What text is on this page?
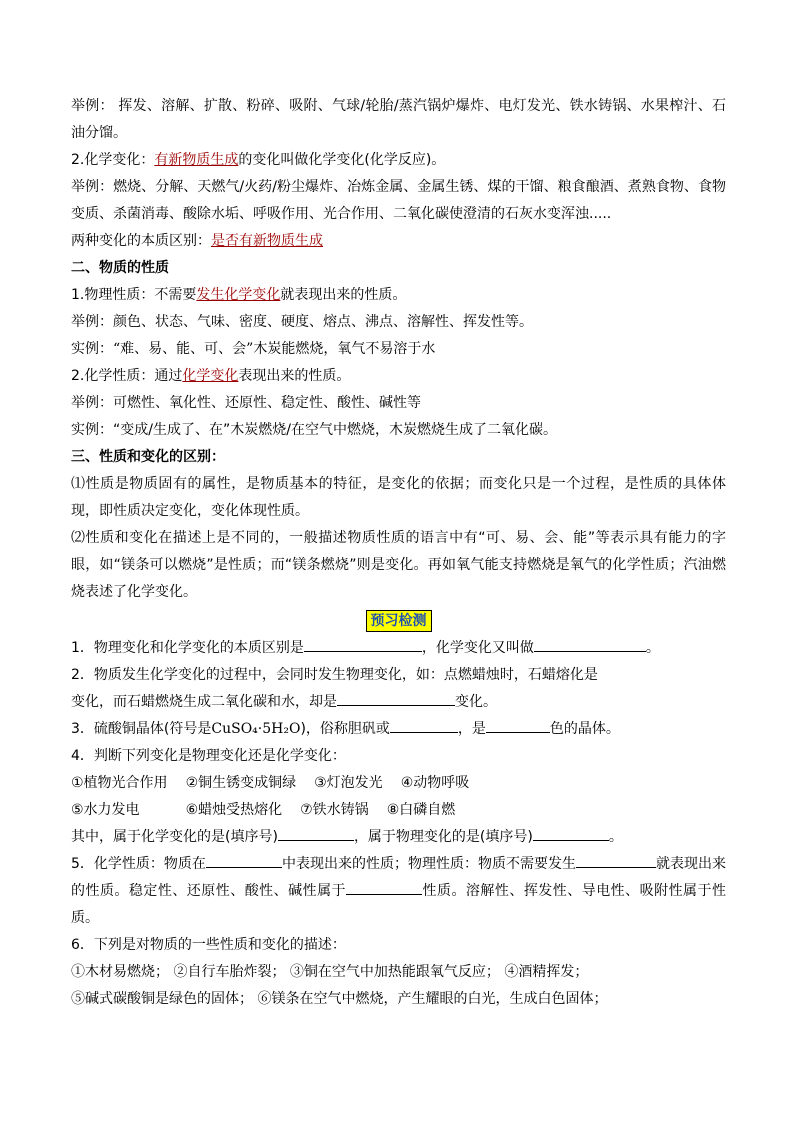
举例： 挥发、溶解、扩散、粉碎、吸附、气球/轮胎/蒸汽锅炉爆炸、电灯发光、铁水铸锅、水果榨汁、石油分馏。

2.化学变化：有新物质生成的变化叫做化学变化(化学反应)。

举例：燃烧、分解、天燃气/火药/粉尘爆炸、冶炼金属、金属生锈、煤的干馏、粮食酿酒、煮熟食物、食物变质、杀菌消毒、酸除水垢、呼吸作用、光合作用、二氧化碳使澄清的石灰水变浑浊.....

两种变化的本质区别：是否有新物质生成

二、物质的性质

1.物理性质：不需要发生化学变化就表现出来的性质。

举例：颜色、状态、气味、密度、硬度、熔点、沸点、溶解性、挥发性等。

实例：“难、易、能、可、会”木炭能燃烧，氧气不易溶于水

2.化学性质：通过化学变化表现出来的性质。

举例：可燃性、氧化性、还原性、稳定性、酸性、碱性等

实例：“变成/生成了、在”木炭燃烧/在空气中燃烧，木炭燃烧生成了二氧化碳。

三、性质和变化的区别：

⑴性质是物质固有的属性，是物质基本的特征，是变化的依据；而变化只是一个过程，是性质的具体体现，即性质决定变化，变化体现性质。

⑵性质和变化在描述上是不同的，一般描述物质性质的语言中有“可、易、会、能”等表示具有能力的字眼，如“镁条可以燃烧”是性质；而“镁条燃烧”则是变化。再如氧气能支持燃烧是氧气的化学性质；汽油燃烧表述了化学变化。

预习检测

1．物理变化和化学变化的本质区别是	，化学变化又叫做	。

2．物质发生化学变化的过程中，会同时发生物理变化，如：点燃蜡烛时，石蜡熔化是
变化，而石蜡燃烧生成二氧化碳和水，却是	变化。

3．硫酸铜晶体(符号是CuSO₄·5H₂O)，俗称胆矾或	，是	色的晶体。

4．判断下列变化是物理变化还是化学变化：

①植物光合作用 ②铜生锈变成铜绿 ③灯泡发光 ④动物呼吸

⑤水力发电	⑥蜡烛受热熔化 ⑦铁水铸锅 ⑧白磷自燃

其中，属于化学变化的是(填序号)	，属于物理变化的是(填序号)	。

5．化学性质：物质在	中表现出来的性质；物理性质：物质不需要发生	就表现出来的性质。稳定性、还原性、酸性、碱性属于	性质。溶解性、挥发性、导电性、吸附性属于性质。

6．下列是对物质的一些性质和变化的描述：

①木材易燃烧； ②自行车胎炸裂； ③铜在空气中加热能跟氧气反应； ④酒精挥发；

⑤碱式碳酸铜是绿色的固体； ⑥镁条在空气中燃烧，产生耀眼的白光，生成白色固体；
